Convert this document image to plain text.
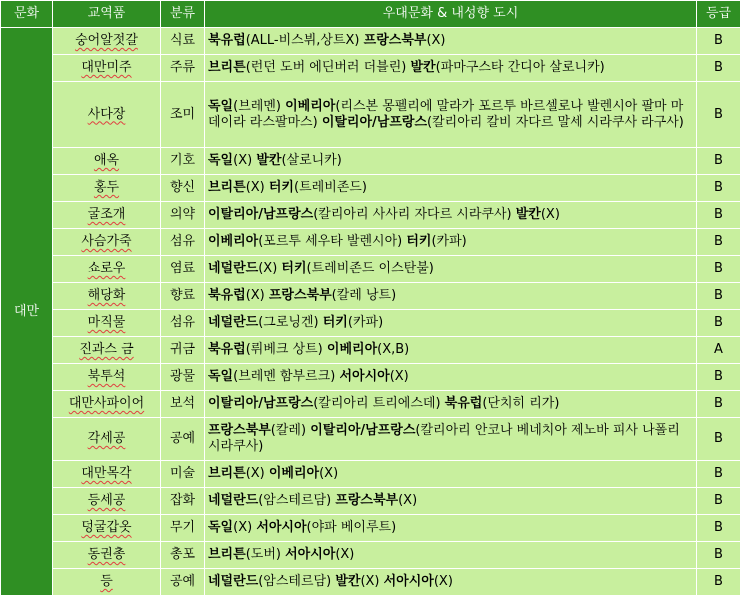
문화	교역품	분류	우대문화 & 내성향 도시	등급
대만	숭어알젓갈	식료	북유럽(ALL-비스뷔,상트X) 프랑스북부(X)	B
	대만미주	주류	브리튼(런던 도버 에딘버러 더블린) 발칸(파마구스타 간디아 살로니카)	B
	사다장	조미	독일(브레멘) 이베리아(리스본 몽펠리에 말라가 포르투 바르셀로나 발렌시아 팔마 마데이라 라스팔마스) 이탈리아/남프랑스(칼리아리 칼비 자다르 말세 시라쿠사 라구사)	B
	애옥	기호	독일(X) 발칸(살로니카)	B
	홍두	향신	브리튼(X) 터키(트레비존드)	B
	굴조개	의약	이탈리아/남프랑스(칼리아리 사사리 자다르 시라쿠사) 발칸(X)	B
	사슴가죽	섬유	이베리아(포르투 세우타 발렌시아) 터키(카파)	B
	쇼로우	염료	네덜란드(X) 터키(트레비존드 이스탄불)	B
	해당화	향료	북유럽(X) 프랑스북부(칼레 낭트)	B
	마직물	섬유	네덜란드(그로닝겐) 터키(카파)	B
	진과스 금	귀금	북유럽(뤼베크 상트) 이베리아(X,B)	A
	북투석	광물	독일(브레멘 함부르크) 서아시아(X)	B
	대만사파이어	보석	이탈리아/남프랑스(칼리아리 트리에스데) 북유럽(단치히 리가)	B
	각세공	공예	프랑스북부(칼레) 이탈리아/남프랑스(칼리아리 안코나 베네치아 제노바 피사 나폴리 시라쿠사)	B
	대만목각	미술	브리튼(X) 이베리아(X)	B
	등세공	잡화	네덜란드(암스테르담) 프랑스북부(X)	B
	덩굴갑옷	무기	독일(X) 서아시아(야파 베이루트)	B
	동권총	총포	브리튼(도버) 서아시아(X)	B
	등	공예	네덜란드(암스테르담) 발칸(X) 서아시아(X)	B
